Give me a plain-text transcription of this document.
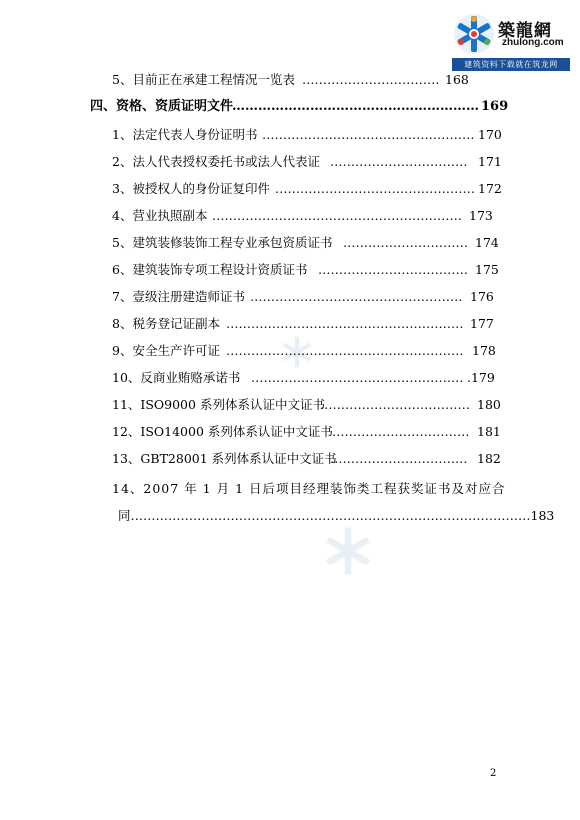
築龍網
zhulong.com
建筑资料下载就在筑龙网
5、目前正在承建工程情况一览表 …………………………… 168
四、资格、资质证明文件
………………………………………………… 169
1、法定代表人身份证明书 …………………………………………… 170
2、法人代表授权委托书或法人代表证 …………………………… 171
3、被授权人的身份证复印件 ………………………………………… 172
4、营业执照副本 …………………………………………………… 173
5、建筑装修装饰工程专业承包资质证书 ………………………… 174
6、建筑装饰专项工程设计资质证书 ……………………………… 175
7、壹级注册建造师证书 …………………………………………… 176
8、税务登记证副本 ………………………………………………… 177
9、安全生产许可证 ………………………………………………… 178
10、反商业贿赂承诺书 …………………………………………… .179
11、ISO9000 系列体系认证中文证书
……………………………… 180
12、ISO14000 系列体系认证中文证书 …………………………… 181
13、GBT28001 系列体系认证中文证书
…………………………… 182
14、2007 年 1 月 1 日后项目经理装饰类工程获奖证书及对应合
同……………………………………………………………………………………183
2
